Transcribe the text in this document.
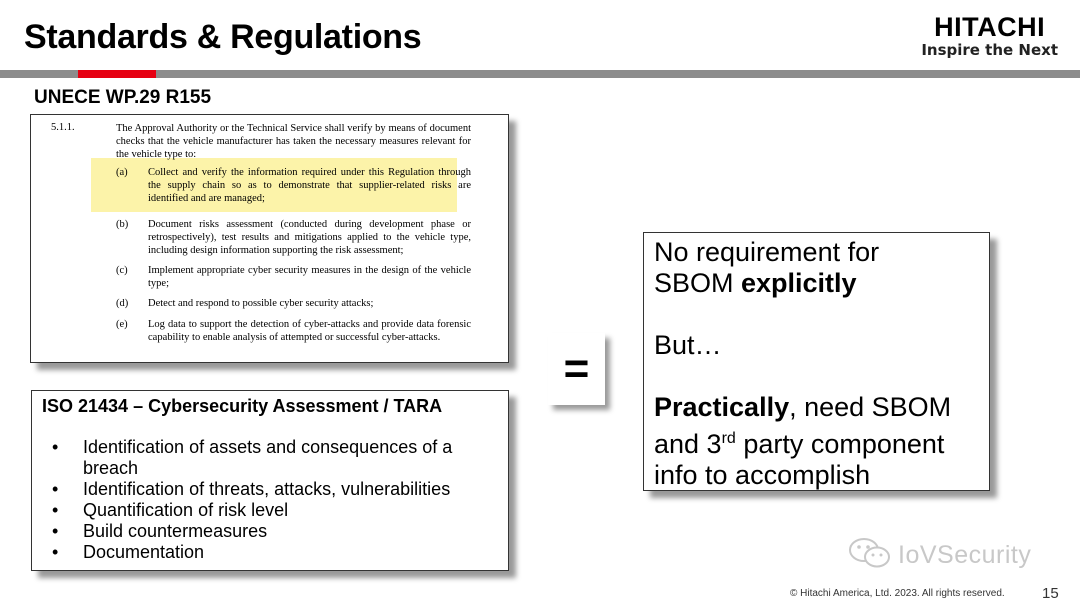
Standards & Regulations	HITACHI
Inspire the Next
UNECE WP.29 R155
5.1.1.	The Approval Authority or the Technical Service shall verify by means of document checks that the vehicle manufacturer has taken the necessary measures relevant for the vehicle type to:
(a)	Collect and verify the information required under this Regulation through the supply chain so as to demonstrate that supplier-related risks are identified and are managed;
(b)	Document risks assessment (conducted during development phase or retrospectively), test results and mitigations applied to the vehicle type, including design information supporting the risk assessment;
(c)	Implement appropriate cyber security measures in the design of the vehicle type;
(d)	Detect and respond to possible cyber security attacks;
(e)	Log data to support the detection of cyber-attacks and provide data forensic capability to enable analysis of attempted or successful cyber-attacks.
ISO 21434 – Cybersecurity Assessment / TARA
• Identification of assets and consequences of a breach
• Identification of threats, attacks, vulnerabilities
• Quantification of risk level
• Build countermeasures
• Documentation
=

No requirement for

SBOM explicitly

But…

Practically, need SBOM

and 3rd party component

info to accomplish

IoVSecurity
© Hitachi America, Ltd. 2023. All rights reserved. 15
